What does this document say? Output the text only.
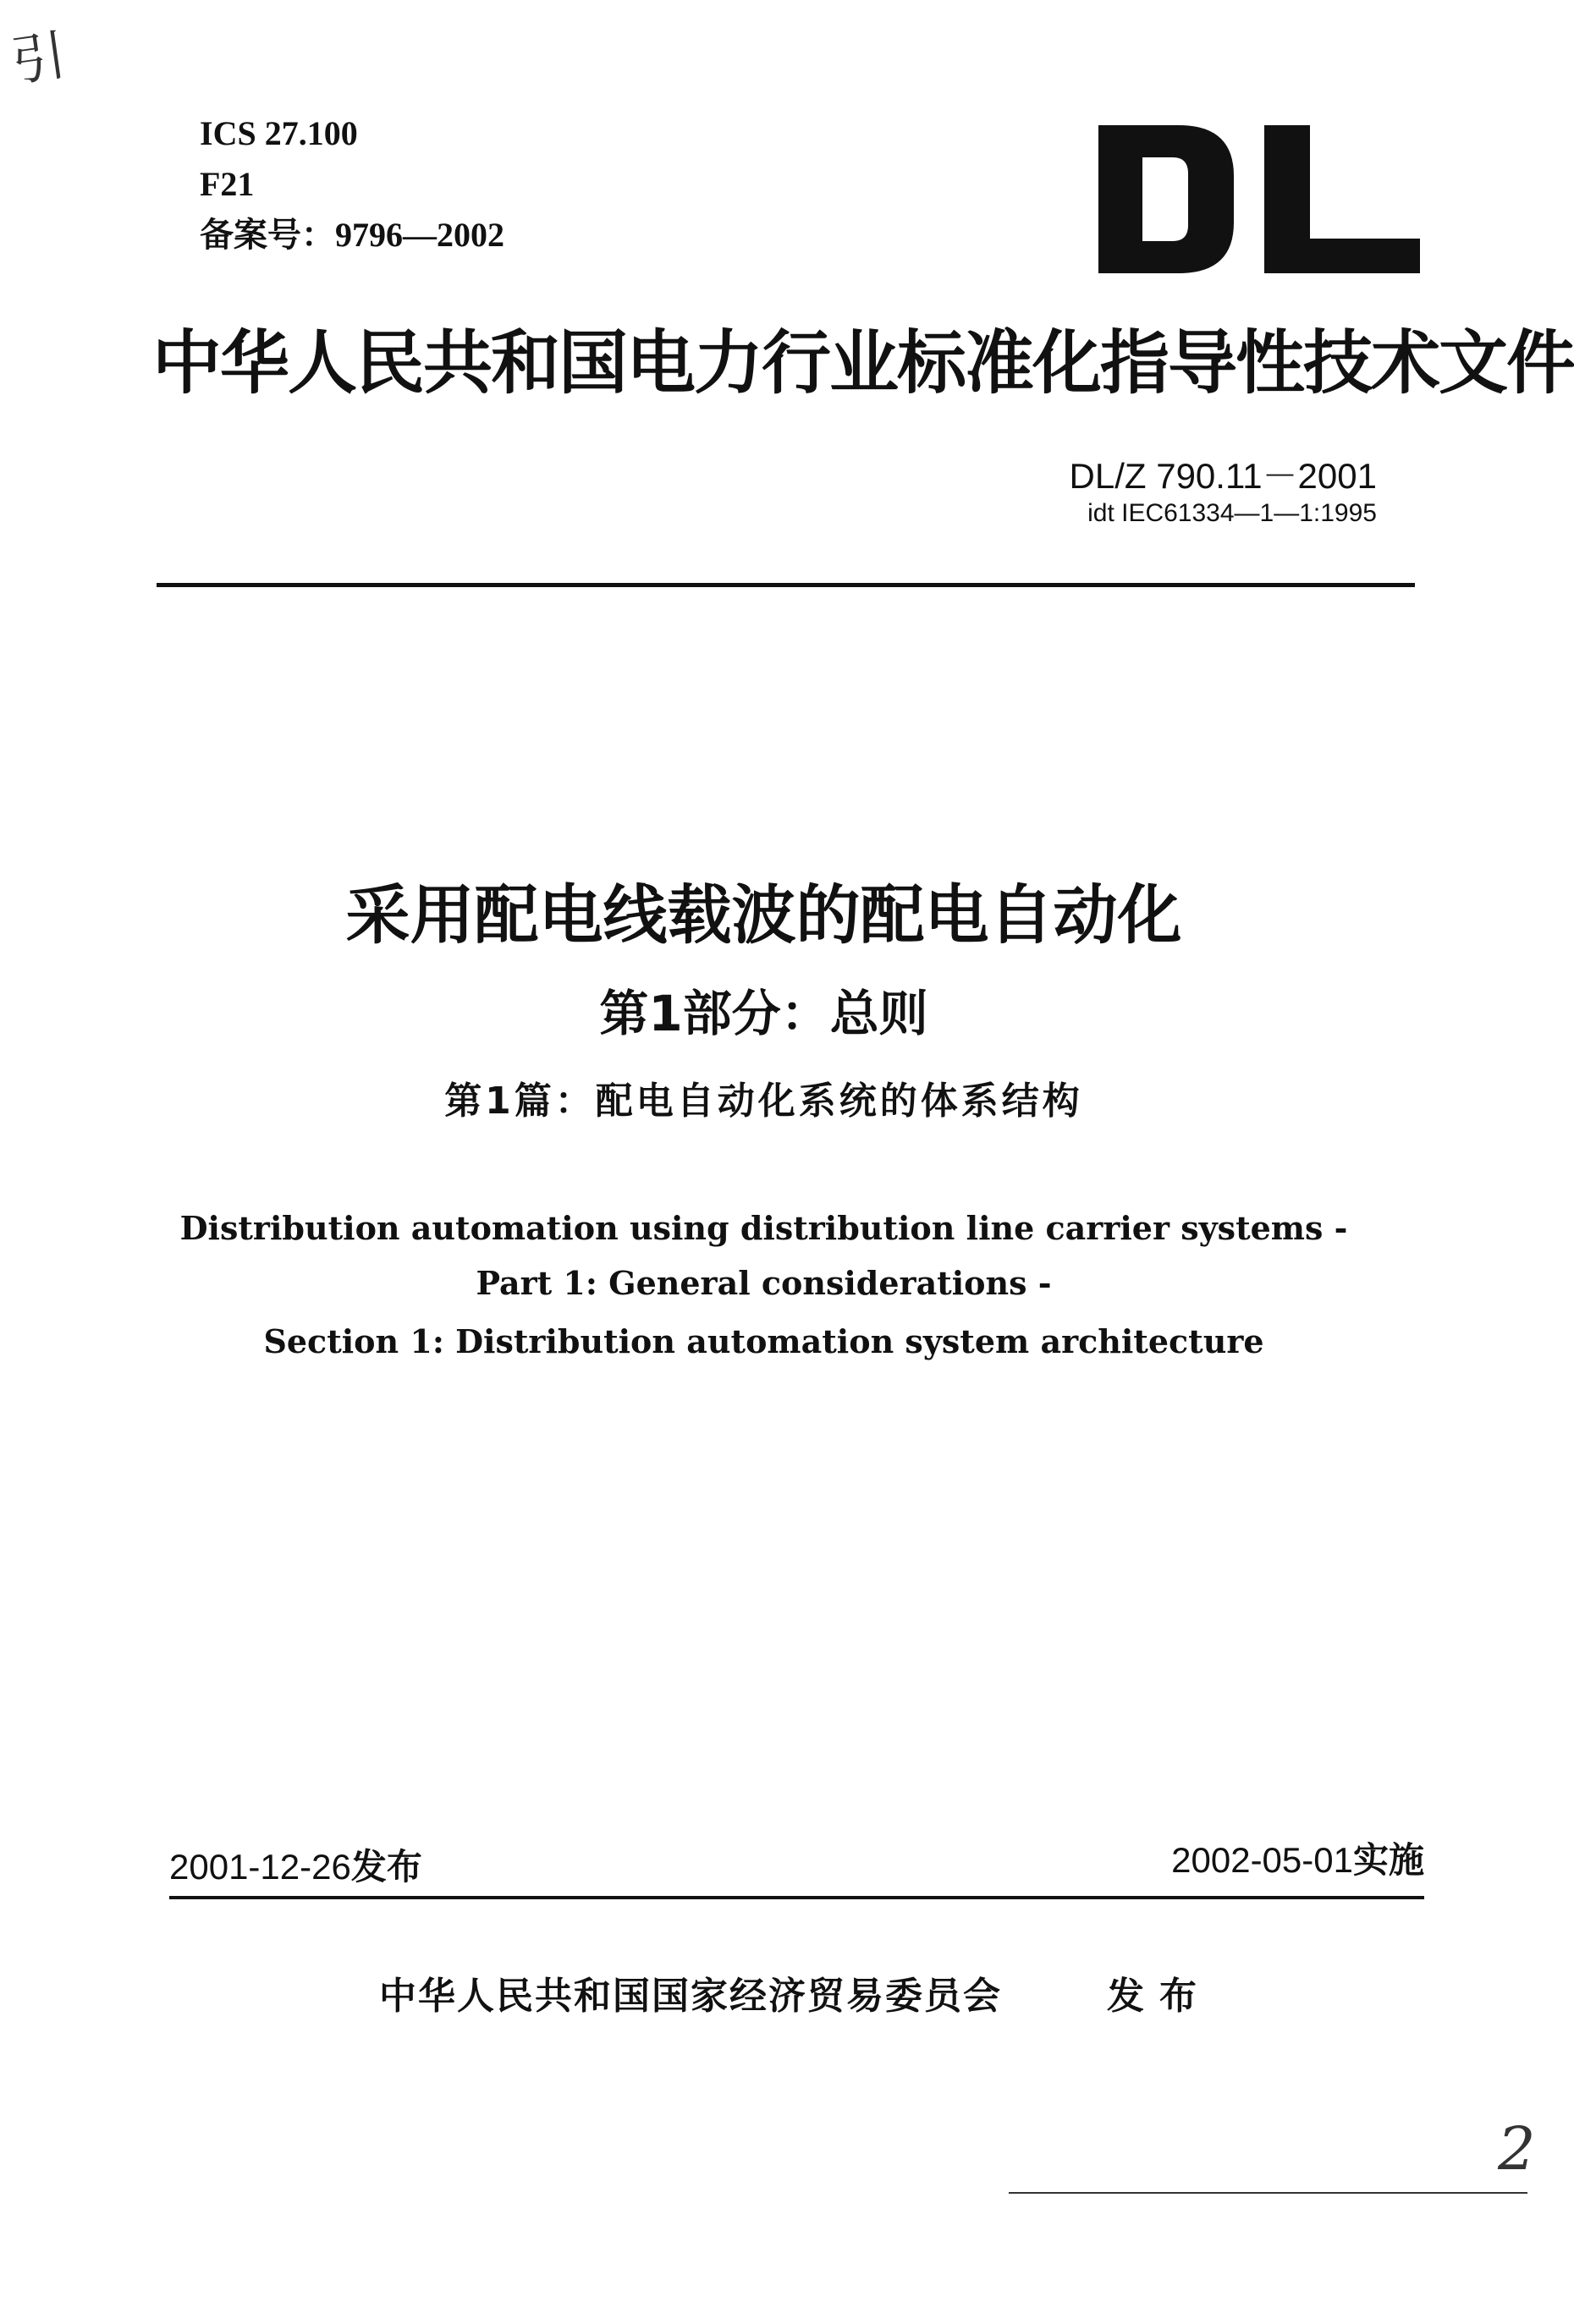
引
2
ICS 27.100
F21
备案号：9796—2002
中华人民共和国电力行业标准化指导性技术文件
DL/Z 790.11－2001
idt IEC61334—1—1:1995
采用配电线载波的配电自动化
第1部分：总则
第1篇：配电自动化系统的体系结构
Distribution automation using distribution line carrier systems -
Part 1: General considerations -
Section 1: Distribution automation system architecture
2001-12-26发布	2002-05-01实施
中华人民共和国国家经济贸易委员会	发布
